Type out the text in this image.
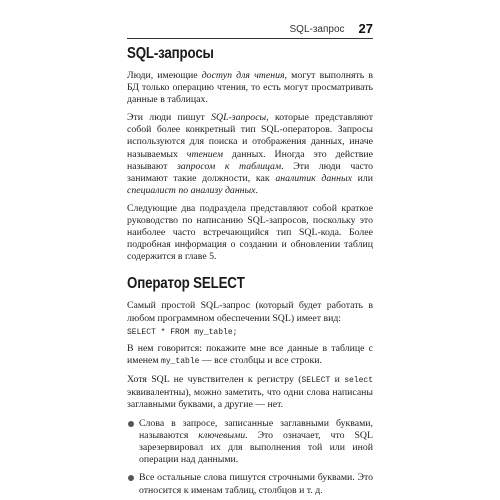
SQL-запрос 27
SQL-запросы

Люди, имеющие доступ для чтения, могут выполнять в БД только операцию чтения, то есть могут просматривать данные в таблицах.

Эти люди пишут SQL-запросы, которые представляют собой более конкретный тип SQL-операторов. Запросы используются для поиска и отображения данных, иначе называемых чтением данных. Иногда это действие называют запросом к таблицам. Эти люди часто занимают такие должности, как аналитик данных или специалист по анализу данных.

Следующие два подраздела представляют собой краткое руководство по написанию SQL-запросов, поскольку это наиболее часто встречающийся тип SQL-кода. Более подробная информация о создании и обновлении таблиц содержится в главе 5.

Оператор SELECT

Самый простой SQL-запрос (который будет работать в любом программном обеспечении SQL) имеет вид:

SELECT * FROM my_table;

В нем говорится: покажите мне все данные в таблице с именем my_table — все столбцы и все строки.

Хотя SQL не чувствителен к регистру (SELECT и select эквивалентны), можно заметить, что одни слова написаны заглавными буквами, а другие — нет.

Слова в запросе, записанные заглавными буквами, называются ключевыми. Это означает, что SQL зарезервировал их для выполнения той или иной операции над данными.
Все остальные слова пишутся строчными буквами. Это относится к именам таблиц, столбцов и т. д.
